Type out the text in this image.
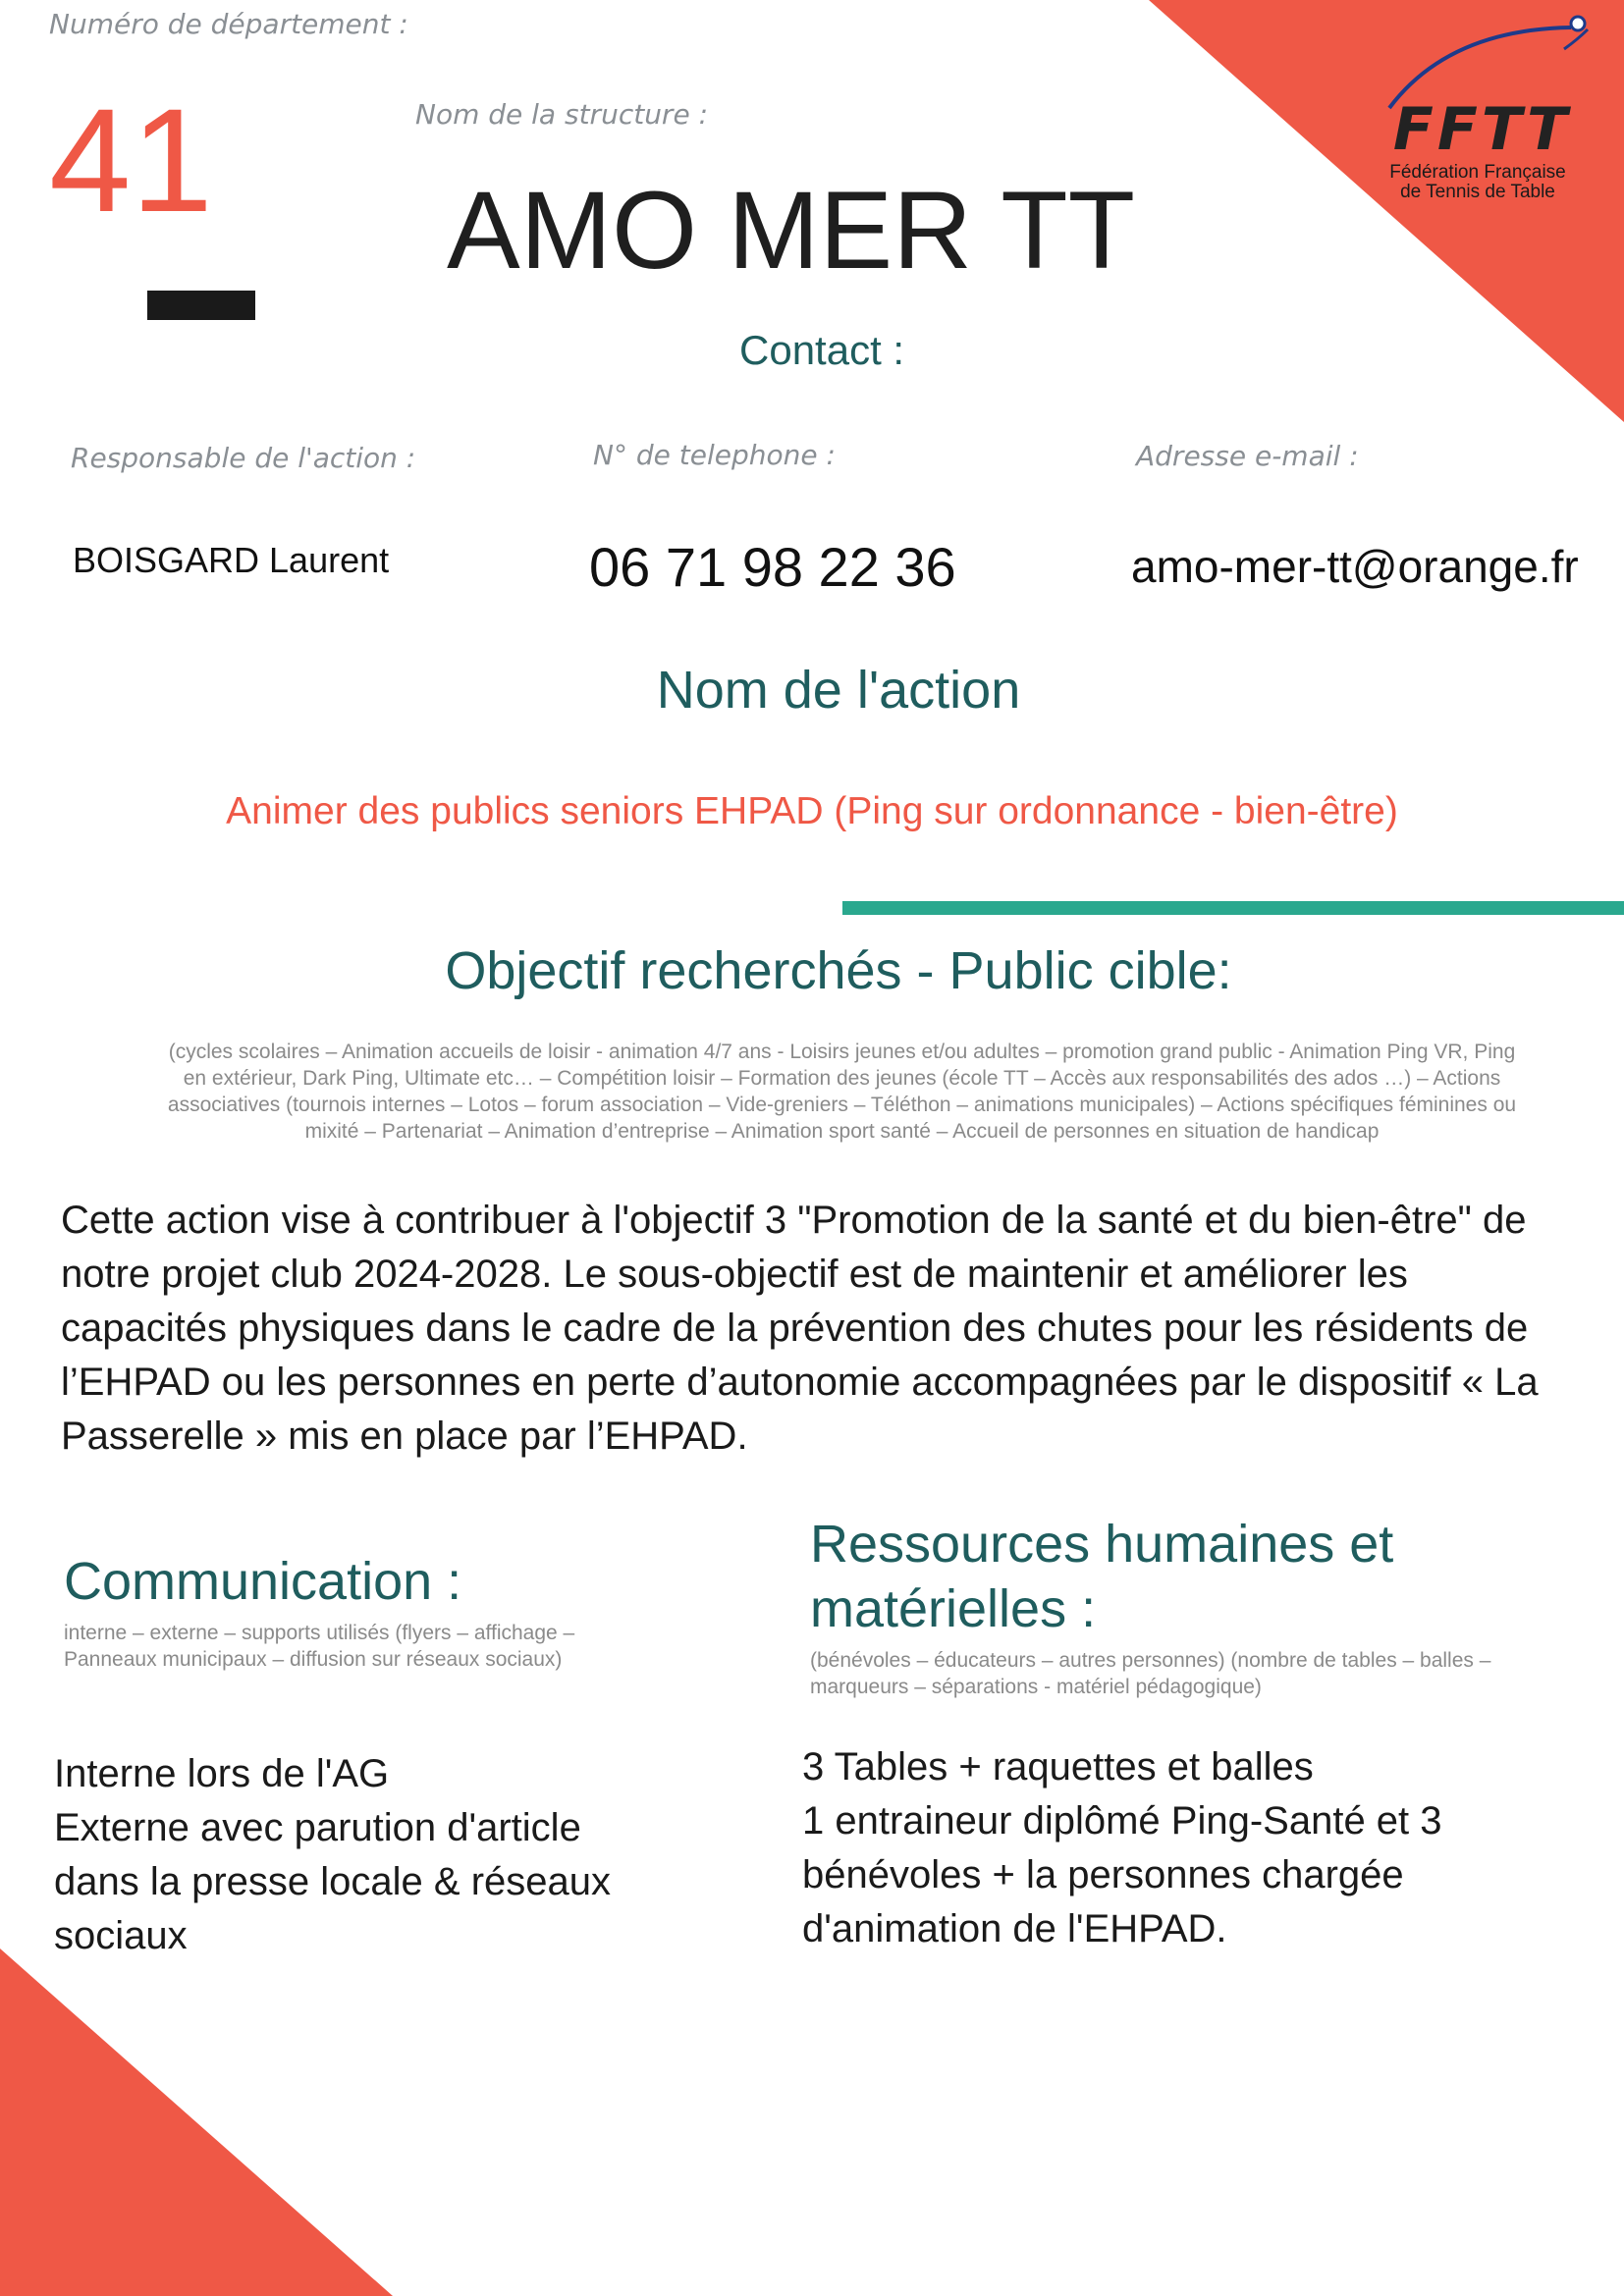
FFTT
Fédération Française
de Tennis de Table
Numéro de département :
41	Nom de la structure :
AMO MER TT
Contact :
Responsable de l'action :	N° de telephone :	Adresse e-mail :
BOISGARD Laurent	06 71 98 22 36	amo-mer-tt@orange.fr
Nom de l'action
Animer des publics seniors EHPAD (Ping sur ordonnance - bien-être)
Objectif recherchés - Public cible:
(cycles scolaires – Animation accueils de loisir - animation 4/7 ans - Loisirs jeunes et/ou adultes – promotion grand public - Animation Ping VR, Ping en extérieur, Dark Ping, Ultimate etc… – Compétition loisir – Formation des jeunes (école TT – Accès aux responsabilités des ados …) – Actions associatives (tournois internes – Lotos – forum association – Vide-greniers – Téléthon – animations municipales) – Actions spécifiques féminines ou mixité – Partenariat – Animation d’entreprise – Animation sport santé – Accueil de personnes en situation de handicap
Cette action vise à contribuer à l'objectif 3 "Promotion de la santé et du bien-être" de notre projet club 2024-2028. Le sous-objectif est de maintenir et améliorer les capacités physiques dans le cadre de la prévention des chutes pour les résidents de l’EHPAD ou les personnes en perte d’autonomie accompagnées par le dispositif « La Passerelle » mis en place par l’EHPAD.
Communication :
interne – externe – supports utilisés (flyers – affichage – Panneaux municipaux – diffusion sur réseaux sociaux)
Interne lors de l'AG
Externe avec parution d'article
dans la presse locale & réseaux
sociaux
Ressources humaines et
matérielles :
(bénévoles – éducateurs – autres personnes) (nombre de tables – balles – marqueurs – séparations - matériel pédagogique)
3 Tables + raquettes et balles
1 entraineur diplômé Ping-Santé et 3
bénévoles + la personnes chargée
d'animation de l'EHPAD.
